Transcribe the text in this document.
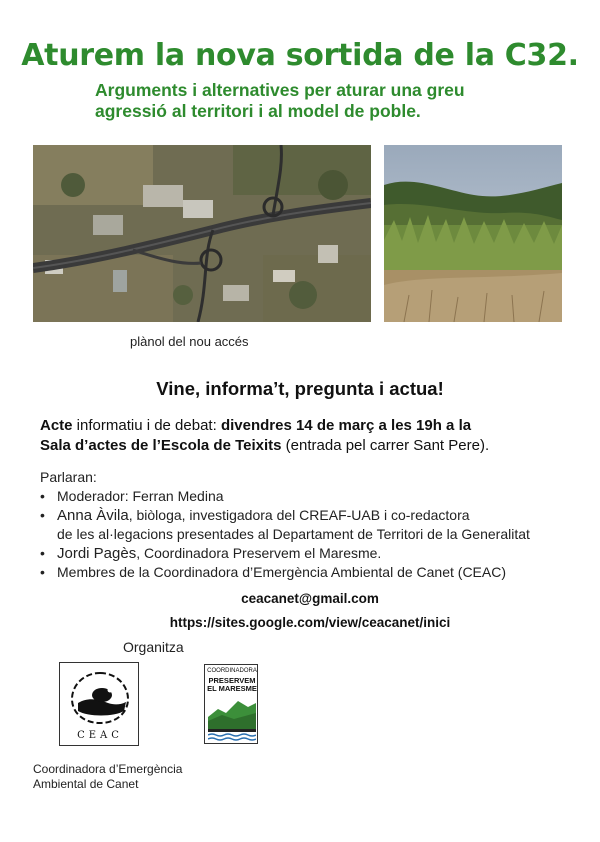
Aturem la nova sortida de la C32.
Arguments i alternatives per aturar una greu
agressió al territori i al model de poble.
plànol del nou accés
Vine, informa’t, pregunta i actua!
Acte informatiu i de debat: divendres 14 de març a les 19h a la
Sala d’actes de l’Escola de Teixits (entrada pel carrer Sant Pere).
Parlaran:
• Moderador: Ferran Medina
• Anna Àvila, biòloga, investigadora del CREAF-UAB i co-redactora
de les al·legacions presentades al Departament de Territori de la Generalitat
• Jordi Pagès, Coordinadora Preservem el Maresme.
• Membres de la Coordinadora d’Emergència Ambiental de Canet (CEAC)
ceacanet@gmail.com
https://sites.google.com/view/ceacanet/inici
Organitza
CEAC
COORDINADORA
PRESERVEM
EL MARESME
Coordinadora d’Emergència
Ambiental de Canet
